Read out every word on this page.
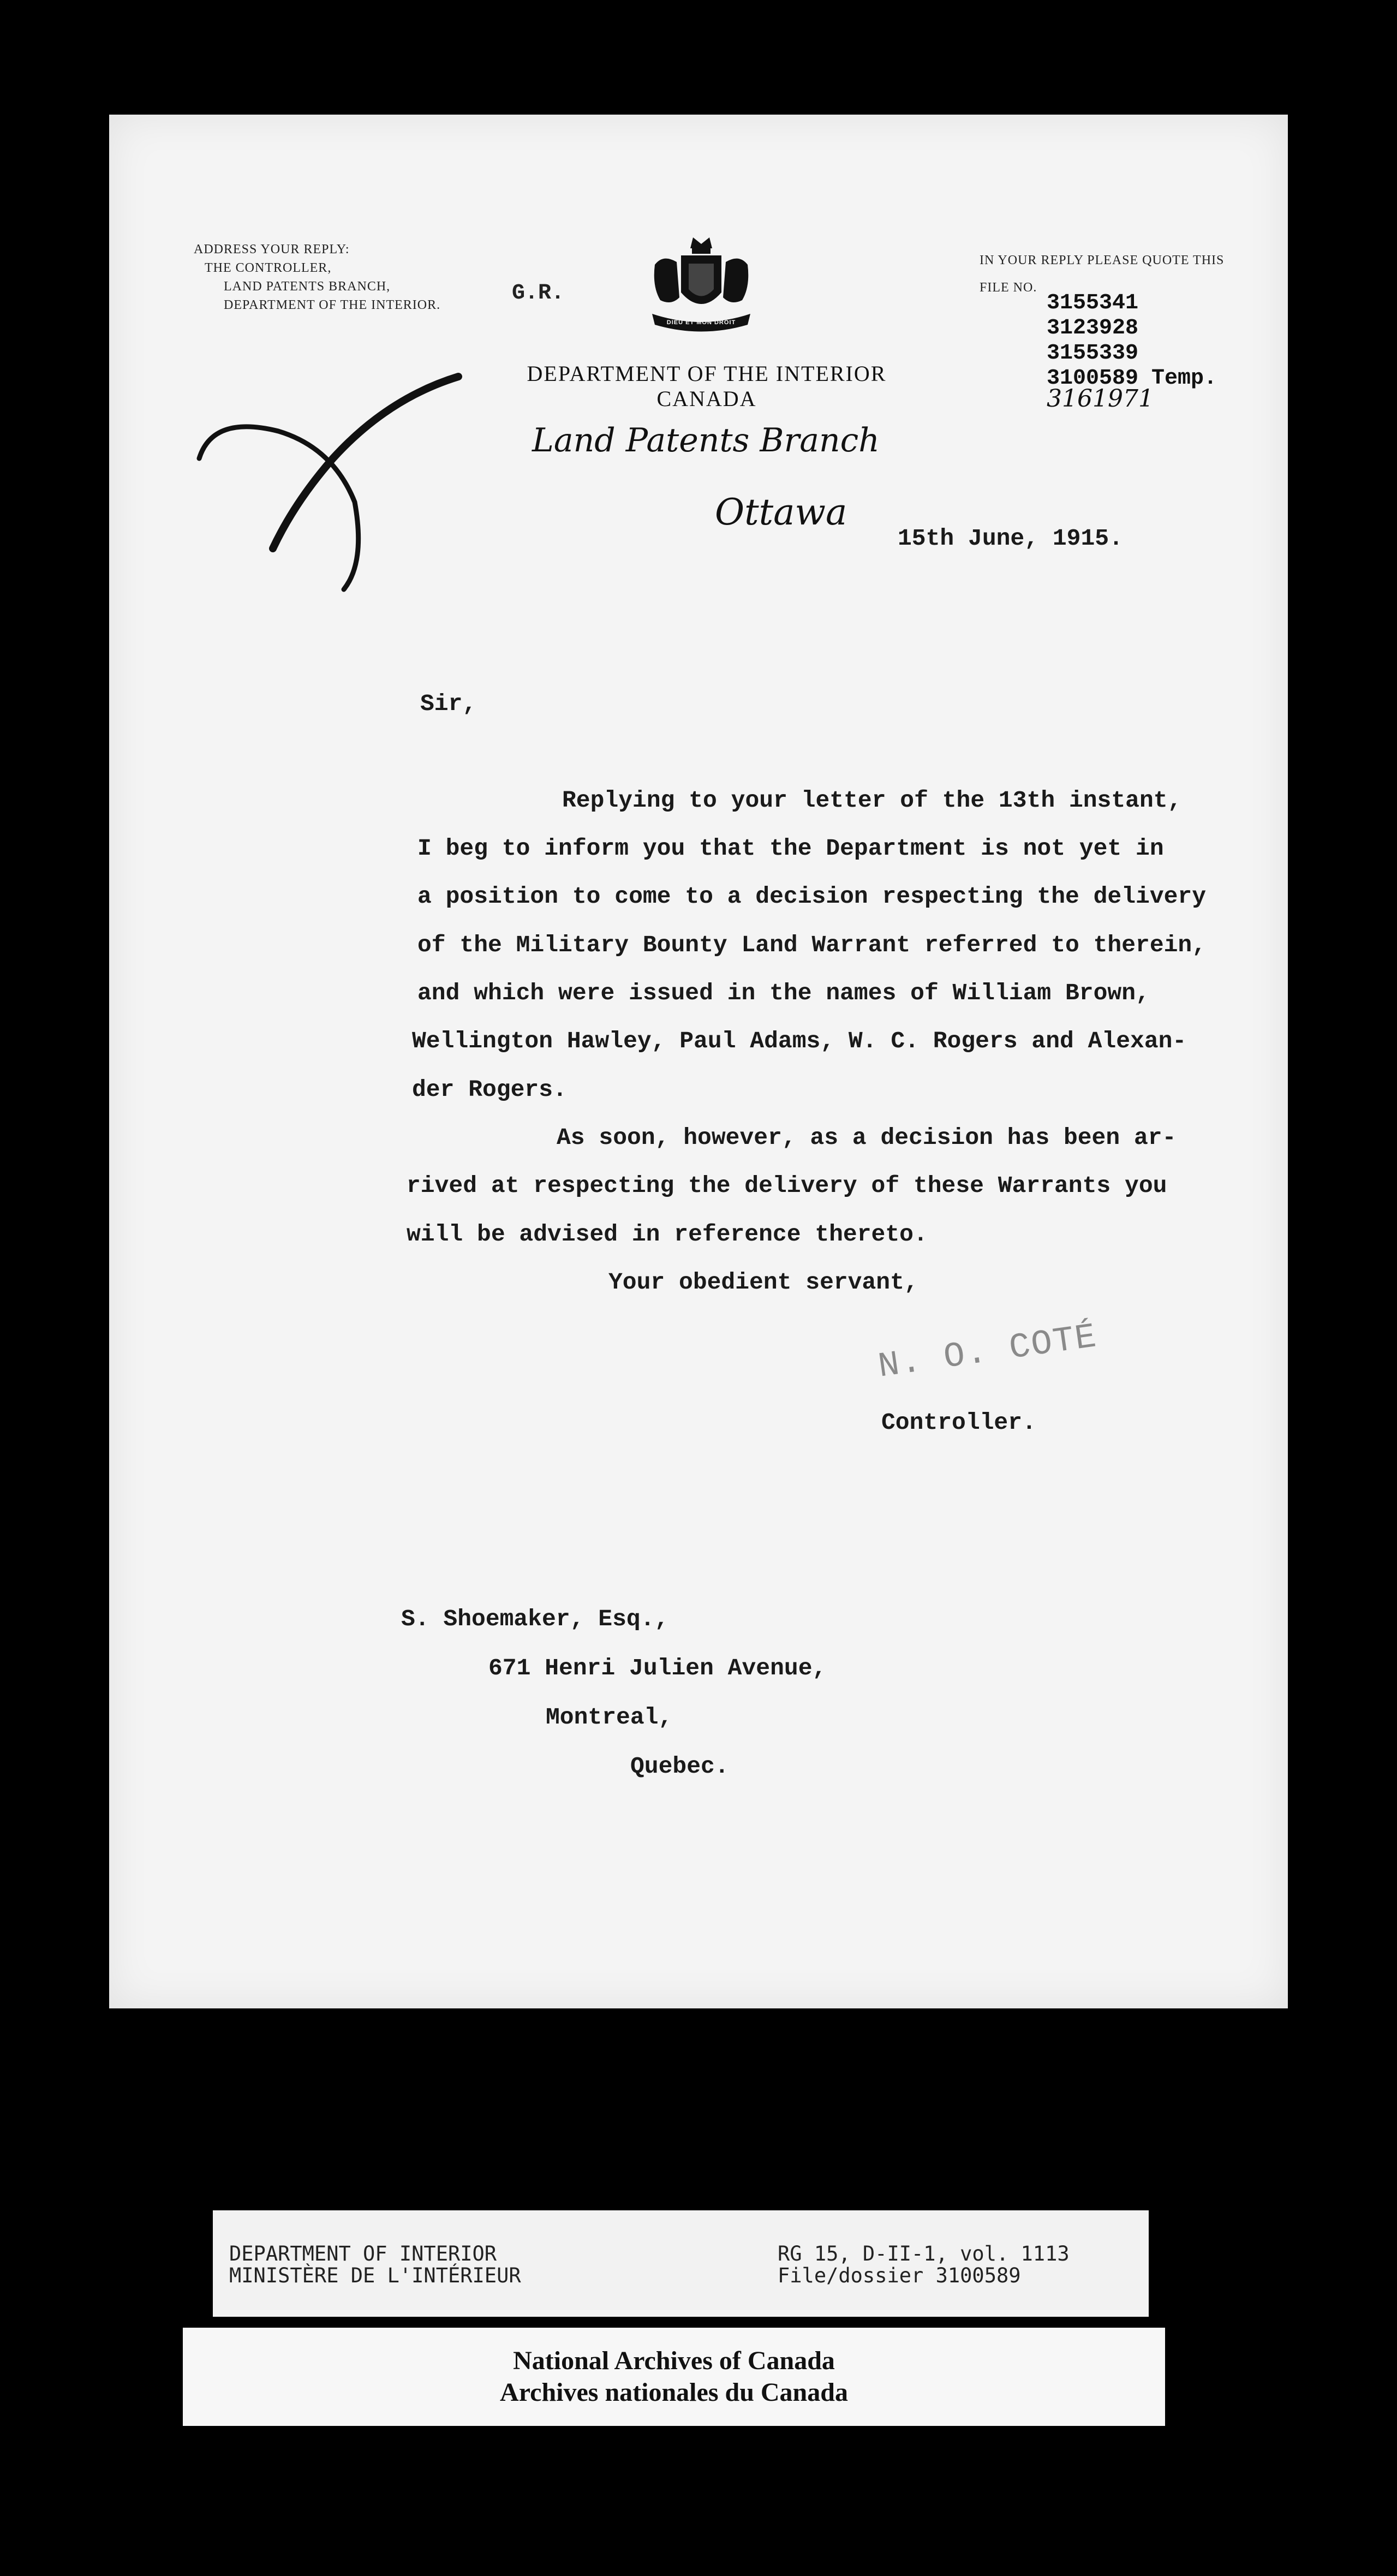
ADDRESS YOUR REPLY:
THE CONTROLLER,
LAND PATENTS BRANCH,
DEPARTMENT OF THE INTERIOR.	G.R.
DIEU ET MON DROIT
DEPARTMENT OF THE INTERIOR
CANADA
Land Patents Branch
Ottawa
15th June, 1915.
IN YOUR REPLY PLEASE QUOTE THIS
FILE NO.
3155341
3123928
3155339
3100589 Temp.
3161971
Sir,
Replying to your letter of the 13th instant,
I beg to inform you that the Department is not yet in
a position to come to a decision respecting the delivery
of the Military Bounty Land Warrant referred to therein,
and which were issued in the names of William Brown,
Wellington Hawley, Paul Adams, W. C. Rogers and Alexan-
der Rogers.
As soon, however, as a decision has been ar-
rived at respecting the delivery of these Warrants you
will be advised in reference thereto.
Your obedient servant,
N. O. COTÉ
Controller.
S. Shoemaker, Esq.,
671 Henri Julien Avenue,
Montreal,
Quebec.
DEPARTMENT OF INTERIOR
MINISTÈRE DE L'INTÉRIEUR
RG 15, D-II-1, vol. 1113
File/dossier 3100589
National Archives of Canada
Archives nationales du Canada
